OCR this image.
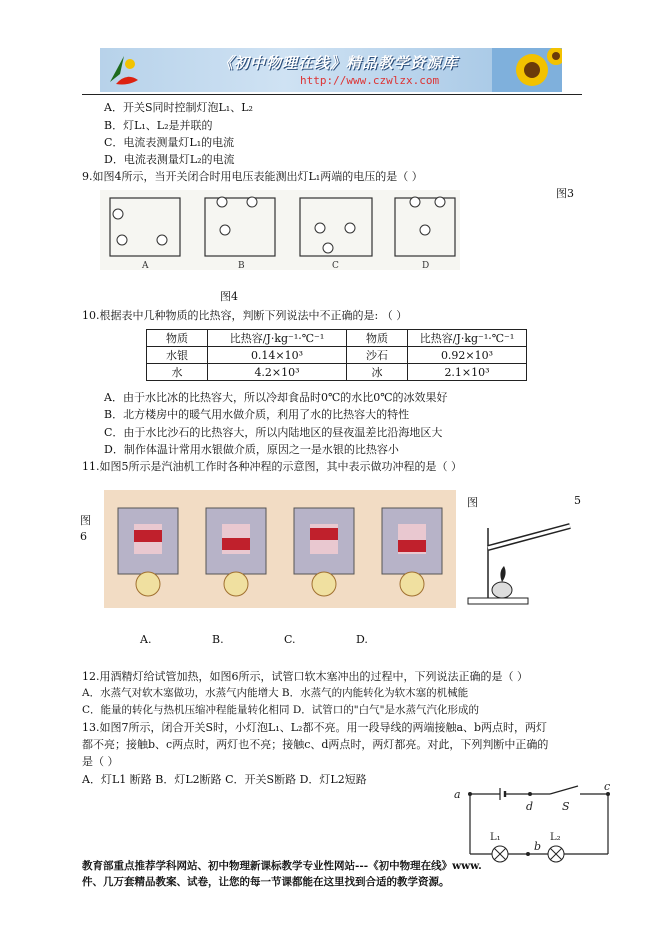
《初中物理在线》精品教学资源库
http://www.czwlzx.com
A．开关S同时控制灯泡L₁、L₂
B．灯L₁、L₂是并联的
C．电流表测量灯L₁的电流
D．电流表测量灯L₂的电流
9.如图4所示，当开关闭合时用电压表能测出灯L₁两端的电压的是（ ）
图3
A	B	C	D
图4
10.根据表中几种物质的比热容，判断下列说法中不正确的是: （ ）
物质	比热容/J·kg⁻¹·℃⁻¹	物质	比热容/J·kg⁻¹·℃⁻¹
水银	0.14×10³	沙石	0.92×10³
水	4.2×10³	冰	2.1×10³
A．由于水比冰的比热容大，所以冷却食品时0℃的水比0℃的冰效果好
B．北方楼房中的暖气用水做介质，利用了水的比热容大的特性
C．由于水比沙石的比热容大，所以内陆地区的昼夜温差比沿海地区大
D．制作体温计常用水银做介质，原因之一是水银的比热容小
11.如图5所示是汽油机工作时各种冲程的示意图，其中表示做功冲程的是（ ）
图	5
图
6
A.	B.	C.	D.
12.用酒精灯给试管加热，如图6所示，试管口软木塞冲出的过程中，下列说法正确的是（ ）
A．水蒸气对软木塞做功，水蒸气内能增大 B．水蒸气的内能转化为软木塞的机械能
C．能量的转化与热机压缩冲程能量转化相同 D．试管口的"白气"是水蒸气汽化形成的
13.如图7所示，闭合开关S时，小灯泡L₁、L₂都不亮。用一段导线的两端接触a、b两点时，两灯
都不亮；接触b、c两点时，两灯也不亮；接触c、d两点时，两灯都亮。对此，下列判断中正确的
是（ ）
A．灯L1 断路 B．灯L2断路 C．开关S断路 D．灯L2短路
a
d	S
c
b
L₁	L₂
教育部重点推荐学科网站、初中物理新课标教学专业性网站---《初中物理在线》www.
件、几万套精品教案、试卷，让您的每一节课都能在这里找到合适的教学资源。
